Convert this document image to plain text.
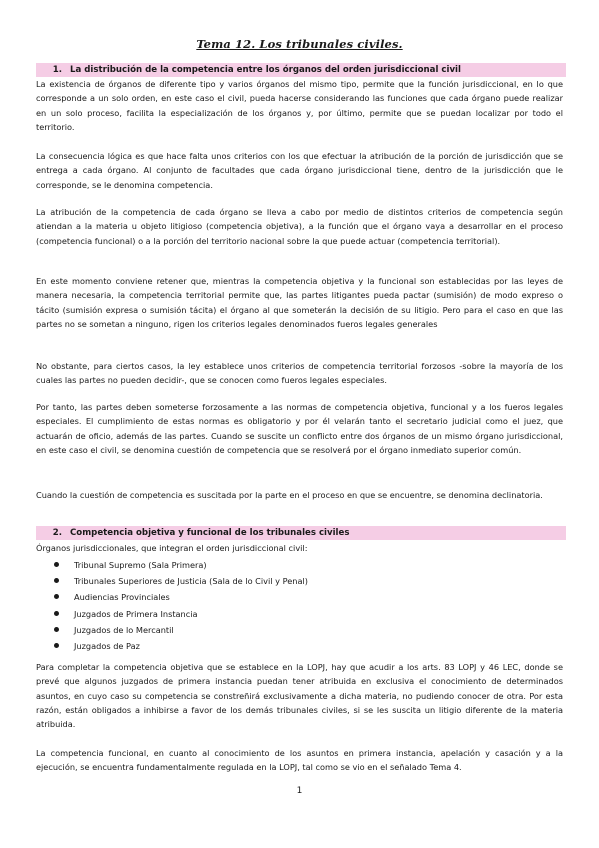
Tema 12. Los tribunales civiles.
1. La distribución de la competencia entre los órganos del orden jurisdiccional civil

La existencia de órganos de diferente tipo y varios órganos del mismo tipo, permite que la función jurisdiccional, en lo que corresponde a un solo orden, en este caso el civil, pueda hacerse considerando las funciones que cada órgano puede realizar en un solo proceso, facilita la especialización de los órganos y, por último, permite que se puedan localizar por todo el territorio.

La consecuencia lógica es que hace falta unos criterios con los que efectuar la atribución de la porción de jurisdicción que se entrega a cada órgano. Al conjunto de facultades que cada órgano jurisdiccional tiene, dentro de la jurisdicción que le corresponde, se le denomina competencia.

La atribución de la competencia de cada órgano se lleva a cabo por medio de distintos criterios de competencia según atiendan a la materia u objeto litigioso (competencia objetiva), a la función que el órgano vaya a desarrollar en el proceso (competencia funcional) o a la porción del territorio nacional sobre la que puede actuar (competencia territorial).

En este momento conviene retener que, mientras la competencia objetiva y la funcional son establecidas por las leyes de manera necesaria, la competencia territorial permite que, las partes litigantes pueda pactar (sumisión) de modo expreso o tácito (sumisión expresa o sumisión tácita) el órgano al que someterán la decisión de su litigio. Pero para el caso en que las partes no se sometan a ninguno, rigen los criterios legales denominados fueros legales generales

No obstante, para ciertos casos, la ley establece unos criterios de competencia territorial forzosos -sobre la mayoría de los cuales las partes no pueden decidir-, que se conocen como fueros legales especiales.

Por tanto, las partes deben someterse forzosamente a las normas de competencia objetiva, funcional y a los fueros legales especiales. El cumplimiento de estas normas es obligatorio y por él velarán tanto el secretario judicial como el juez, que actuarán de oficio, además de las partes. Cuando se suscite un conflicto entre dos órganos de un mismo órgano jurisdiccional, en este caso el civil, se denomina cuestión de competencia que se resolverá por el órgano inmediato superior común.

Cuando la cuestión de competencia es suscitada por la parte en el proceso en que se encuentre, se denomina declinatoria.

2. Competencia objetiva y funcional de los tribunales civiles

Órganos jurisdiccionales, que integran el orden jurisdiccional civil:

Tribunal Supremo (Sala Primera)
Tribunales Superiores de Justicia (Sala de lo Civil y Penal)
Audiencias Provinciales
Juzgados de Primera Instancia
Juzgados de lo Mercantil
Juzgados de Paz

Para completar la competencia objetiva que se establece en la LOPJ, hay que acudir a los arts. 83 LOPJ y 46 LEC, donde se prevé que algunos juzgados de primera instancia puedan tener atribuida en exclusiva el conocimiento de determinados asuntos, en cuyo caso su competencia se constreñirá exclusivamente a dicha materia, no pudiendo conocer de otra. Por esta razón, están obligados a inhibirse a favor de los demás tribunales civiles, si se les suscita un litigio diferente de la materia atribuida.

La competencia funcional, en cuanto al conocimiento de los asuntos en primera instancia, apelación y casación y a la ejecución, se encuentra fundamentalmente regulada en la LOPJ, tal como se vio en el señalado Tema 4.

1
